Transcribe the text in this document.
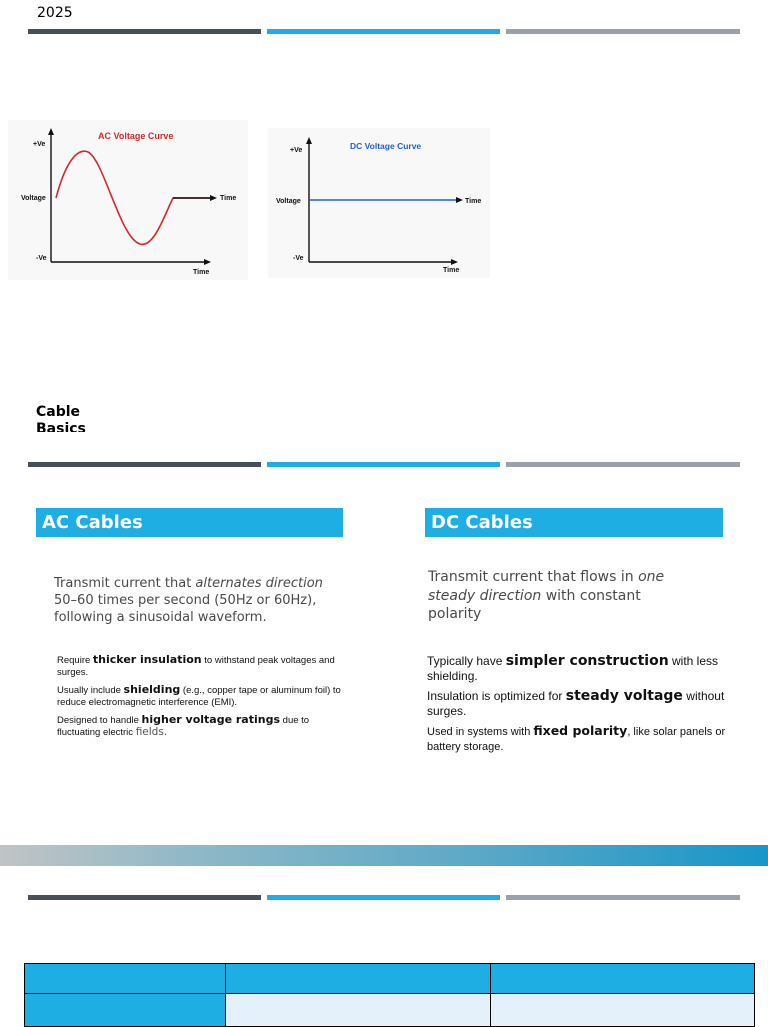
2025
AC Voltage Curve
+Ve
Voltage
-Ve
Time
Time
DC Voltage Curve
+Ve
Voltage
-Ve
Time
Time
Cable Basics
AC Cables
Transmit current that alternates direction 50–60 times per second (50Hz or 60Hz), following a sinusoidal waveform.

Require thicker insulation to withstand peak voltages and surges.

Usually include shielding (e.g., copper tape or aluminum foil) to reduce electromagnetic interference (EMI).

Designed to handle higher voltage ratings due to fluctuating electric fields.

DC Cables
Transmit current that flows in one steady direction with constant polarity

Typically have simpler construction with less shielding.

Insulation is optimized for steady voltage without surges.

Used in systems with fixed polarity, like solar panels or battery storage.
